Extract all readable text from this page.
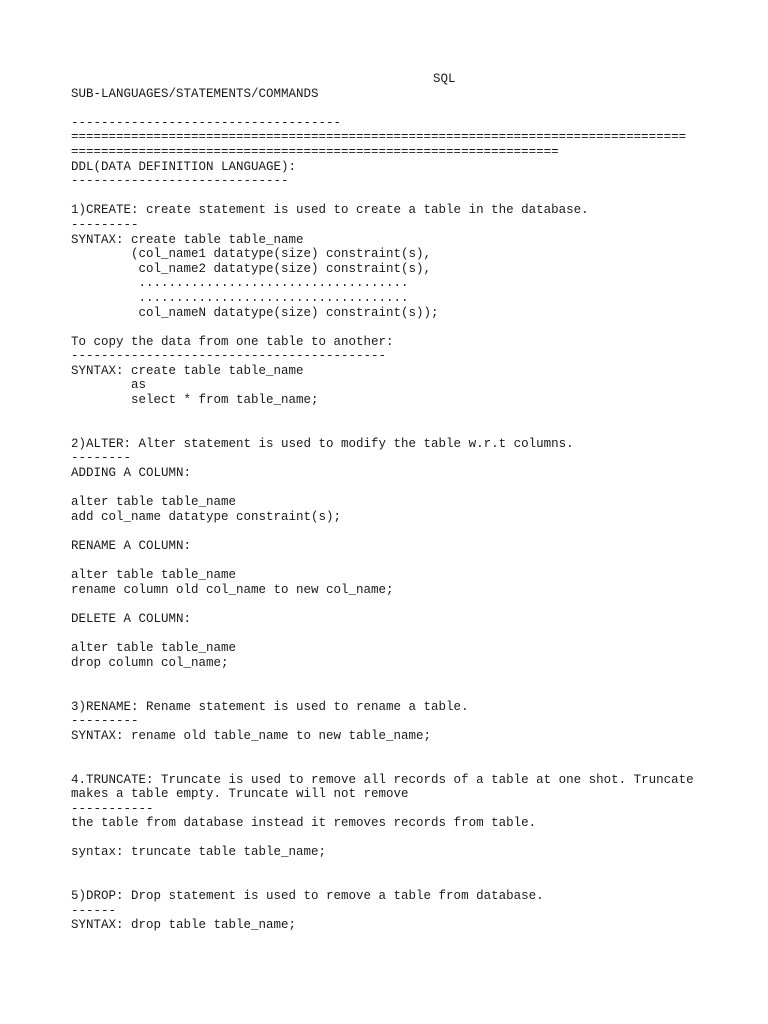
SQL
SUB-LANGUAGES/STATEMENTS/COMMANDS
------------------------------------
==================================================================================
=================================================================
DDL(DATA DEFINITION LANGUAGE):
-----------------------------
1)CREATE: create statement is used to create a table in the database.
---------
SYNTAX: create table table_name
(col_name1 datatype(size) constraint(s),
col_name2 datatype(size) constraint(s),
....................................
....................................
col_nameN datatype(size) constraint(s));
To copy the data from one table to another:
------------------------------------------
SYNTAX: create table table_name
as
select * from table_name;
2)ALTER: Alter statement is used to modify the table w.r.t columns.
--------
ADDING A COLUMN:
alter table table_name
add col_name datatype constraint(s);
RENAME A COLUMN:
alter table table_name
rename column old col_name to new col_name;
DELETE A COLUMN:
alter table table_name
drop column col_name;
3)RENAME: Rename statement is used to rename a table.
---------
SYNTAX: rename old table_name to new table_name;
4.TRUNCATE: Truncate is used to remove all records of a table at one shot. Truncate
makes a table empty. Truncate will not remove
-----------
the table from database instead it removes records from table.
syntax: truncate table table_name;
5)DROP: Drop statement is used to remove a table from database.
------
SYNTAX: drop table table_name;
